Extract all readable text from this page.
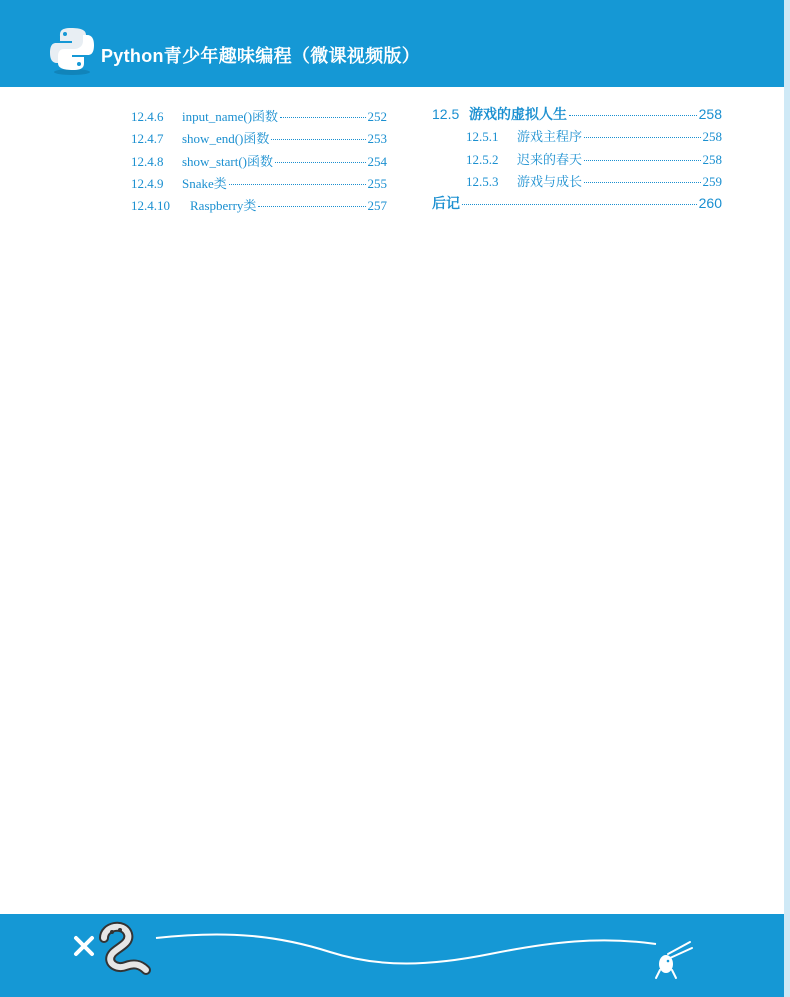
Python青少年趣味编程（微课视频版）
12.4.6	input_name()函数	252
12.4.7	show_end()函数	253
12.4.8	show_start()函数	254
12.4.9	Snake类	255
12.4.10	Raspberry类	257
12.5 游戏的虚拟人生	258
12.5.1	游戏主程序	258
12.5.2	迟来的春天	258
12.5.3	游戏与成长	259
后记	260
